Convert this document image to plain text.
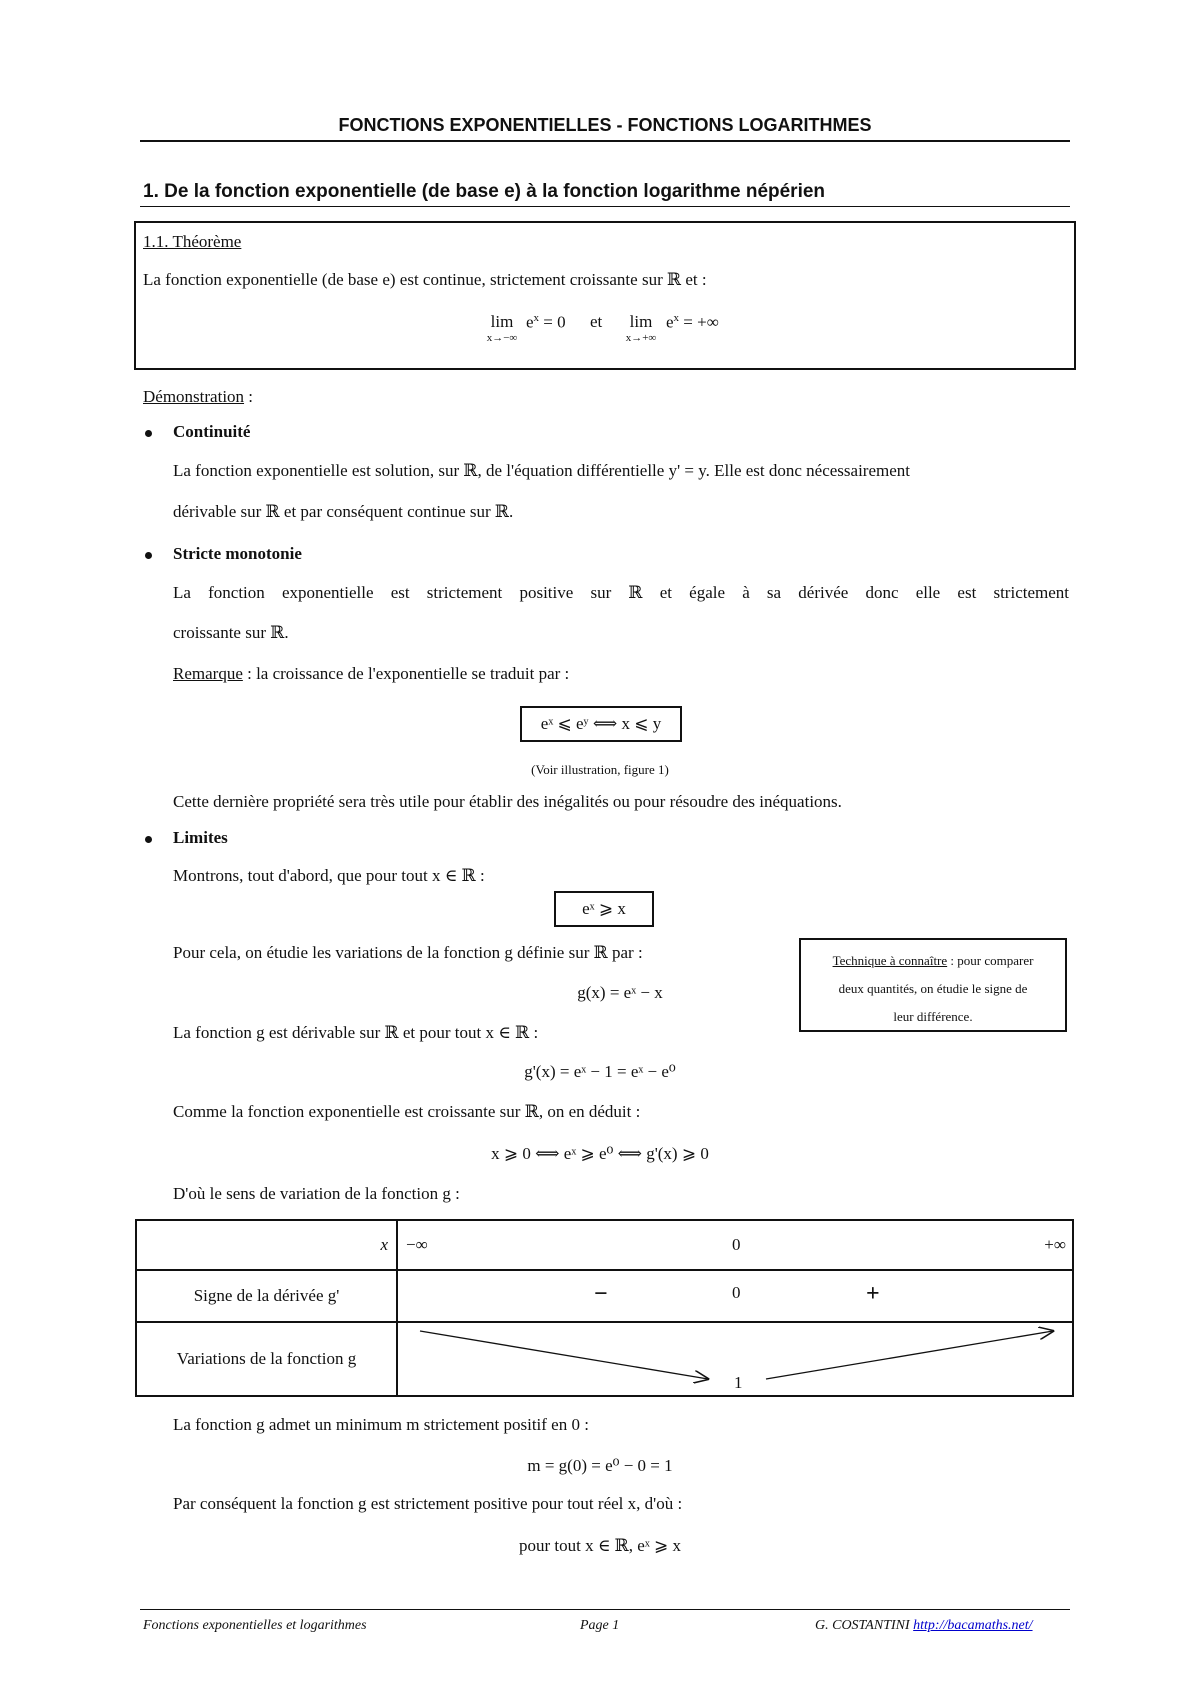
FONCTIONS EXPONENTIELLES - FONCTIONS LOGARITHMES
1. De la fonction exponentielle (de base e) à la fonction logarithme népérien
1.1. Théorème
La fonction exponentielle (de base e) est continue, strictement croissante sur ℝ et :
lim
x→−∞
$e^x = 0$ et	lim
x→+∞
$e^x$ = +∞
Démonstration :
Continuité
La fonction exponentielle est solution, sur ℝ, de l'équation différentielle y' = y. Elle est donc nécessairement
dérivable sur ℝ et par conséquent continue sur ℝ.
Stricte monotonie
La fonction exponentielle est strictement positive sur ℝ et égale à sa dérivée donc elle est strictement
croissante sur ℝ.
Remarque : la croissance de l'exponentielle se traduit par :
eˣ ⩽ eʸ ⟺ x ⩽ y
(Voir illustration, figure 1)
Cette dernière propriété sera très utile pour établir des inégalités ou pour résoudre des inéquations.
Limites
Montrons, tout d'abord, que pour tout x ∈ ℝ :
eˣ ⩾ x
Pour cela, on étudie les variations de la fonction g définie sur ℝ par :
g(x) = eˣ − x
Technique à connaître : pour comparer
deux quantités, on étudie le signe de
leur différence.
La fonction g est dérivable sur ℝ et pour tout x ∈ ℝ :
g'(x) = eˣ − 1 = eˣ − e⁰
Comme la fonction exponentielle est croissante sur ℝ, on en déduit :
x ⩾ 0 ⟺ eˣ ⩾ e⁰ ⟺ g'(x) ⩾ 0
D'où le sens de variation de la fonction g :
x	−∞ 0 +∞

Signe de la dérivée g'	− 0 +

Variations de la fonction g	1
La fonction g admet un minimum m strictement positif en 0 :
m = g(0) = e⁰ − 0 = 1
Par conséquent la fonction g est strictement positive pour tout réel x, d'où :
pour tout x ∈ ℝ, eˣ ⩾ x
Fonctions exponentielles et logarithmes	Page 1	G. COSTANTINI http://bacamaths.net/
